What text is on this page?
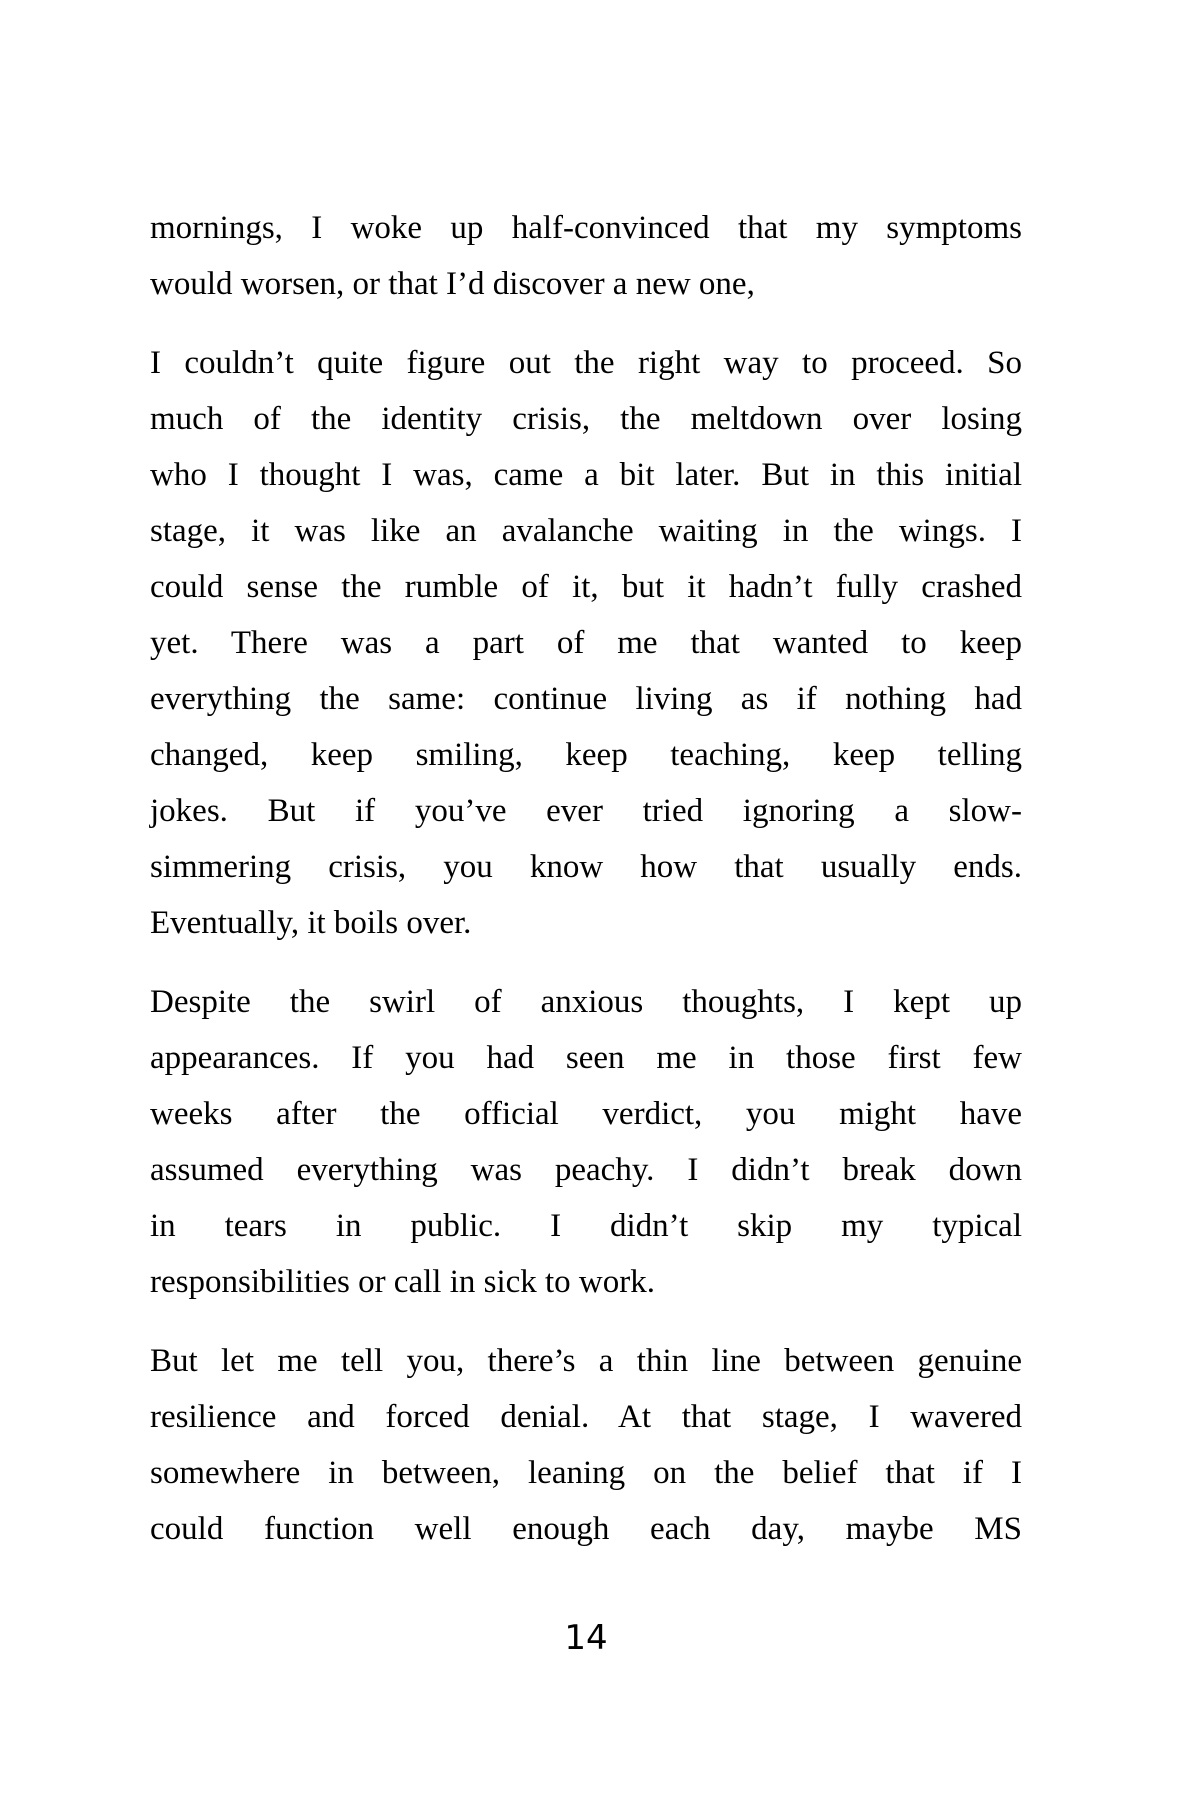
mornings, I woke up half-convinced that my symptoms
would worsen, or that I’d discover a new one,

I couldn’t quite figure out the right way to proceed. So
much of the identity crisis, the meltdown over losing
who I thought I was, came a bit later. But in this initial
stage, it was like an avalanche waiting in the wings. I
could sense the rumble of it, but it hadn’t fully crashed
yet. There was a part of me that wanted to keep
everything the same: continue living as if nothing had
changed, keep smiling, keep teaching, keep telling
jokes. But if you’ve ever tried ignoring a slow-
simmering crisis, you know how that usually ends.
Eventually, it boils over.

Despite the swirl of anxious thoughts, I kept up
appearances. If you had seen me in those first few
weeks after the official verdict, you might have
assumed everything was peachy. I didn’t break down
in tears in public. I didn’t skip my typical
responsibilities or call in sick to work.

But let me tell you, there’s a thin line between genuine
resilience and forced denial. At that stage, I wavered
somewhere in between, leaning on the belief that if I
could function well enough each day, maybe MS

14
